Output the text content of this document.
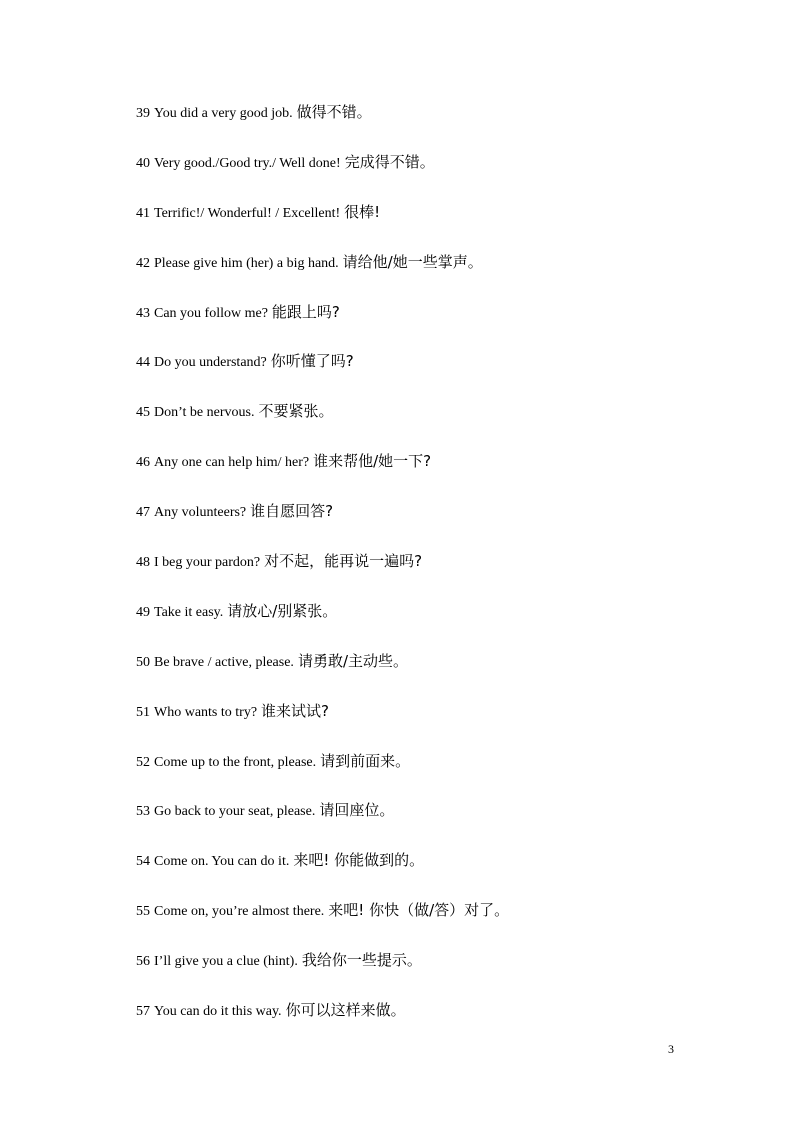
39 You did a very good job. 做得不错。
40 Very good./Good try./ Well done! 完成得不错。
41 Terrific!/ Wonderful! / Excellent! 很棒!
42 Please give him (her) a big hand. 请给他/她一些掌声。
43 Can you follow me? 能跟上吗?
44 Do you understand? 你听懂了吗?
45 Don’t be nervous. 不要紧张。
46 Any one can help him/ her? 谁来帮他/她一下?
47 Any volunteers? 谁自愿回答?
48 I beg your pardon? 对不起，能再说一遍吗?
49 Take it easy. 请放心/别紧张。
50 Be brave / active, please. 请勇敢/主动些。
51 Who wants to try? 谁来试试?
52 Come up to the front, please. 请到前面来。
53 Go back to your seat, please. 请回座位。
54 Come on. You can do it. 来吧! 你能做到的。
55 Come on, you’re almost there. 来吧! 你快（做/答）对了。
56 I’ll give you a clue (hint). 我给你一些提示。
57 You can do it this way. 你可以这样来做。
3
